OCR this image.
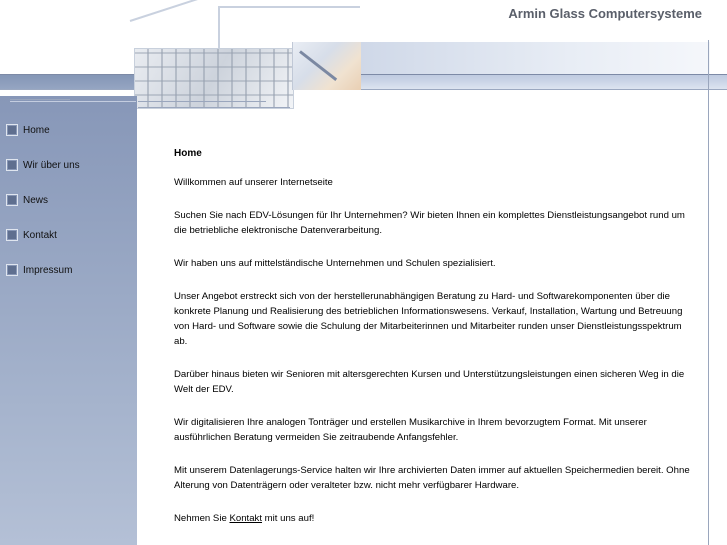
Armin Glass Computersysteme
Home
Wir über uns
News
Kontakt
Impressum
Home

Willkommen auf unserer Internetseite

Suchen Sie nach EDV-Lösungen für Ihr Unternehmen? Wir bieten Ihnen ein komplettes Dienstleistungsangebot rund um die betriebliche elektronische Datenverarbeitung.

Wir haben uns auf mittelständische Unternehmen und Schulen spezialisiert.

Unser Angebot erstreckt sich von der herstellerunabhängigen Beratung zu Hard- und Softwarekomponenten über die konkrete Planung und Realisierung des betrieblichen Informationswesens. Verkauf, Installation, Wartung und Betreuung von Hard- und Software sowie die Schulung der Mitarbeiterinnen und Mitarbeiter runden unser Dienstleistungsspektrum ab.

Darüber hinaus bieten wir Senioren mit altersgerechten Kursen und Unterstützungsleistungen einen sicheren Weg in die Welt der EDV.

Wir digitalisieren Ihre analogen Tonträger und erstellen Musikarchive in Ihrem bevorzugtem Format. Mit unserer ausführlichen Beratung vermeiden Sie zeitraubende Anfangsfehler.

Mit unserem Datenlagerungs-Service halten wir Ihre archivierten Daten immer auf aktuellen Speichermedien bereit. Ohne Alterung von Datenträgern oder veralteter bzw. nicht mehr verfügbarer Hardware.

Nehmen Sie Kontakt mit uns auf!
